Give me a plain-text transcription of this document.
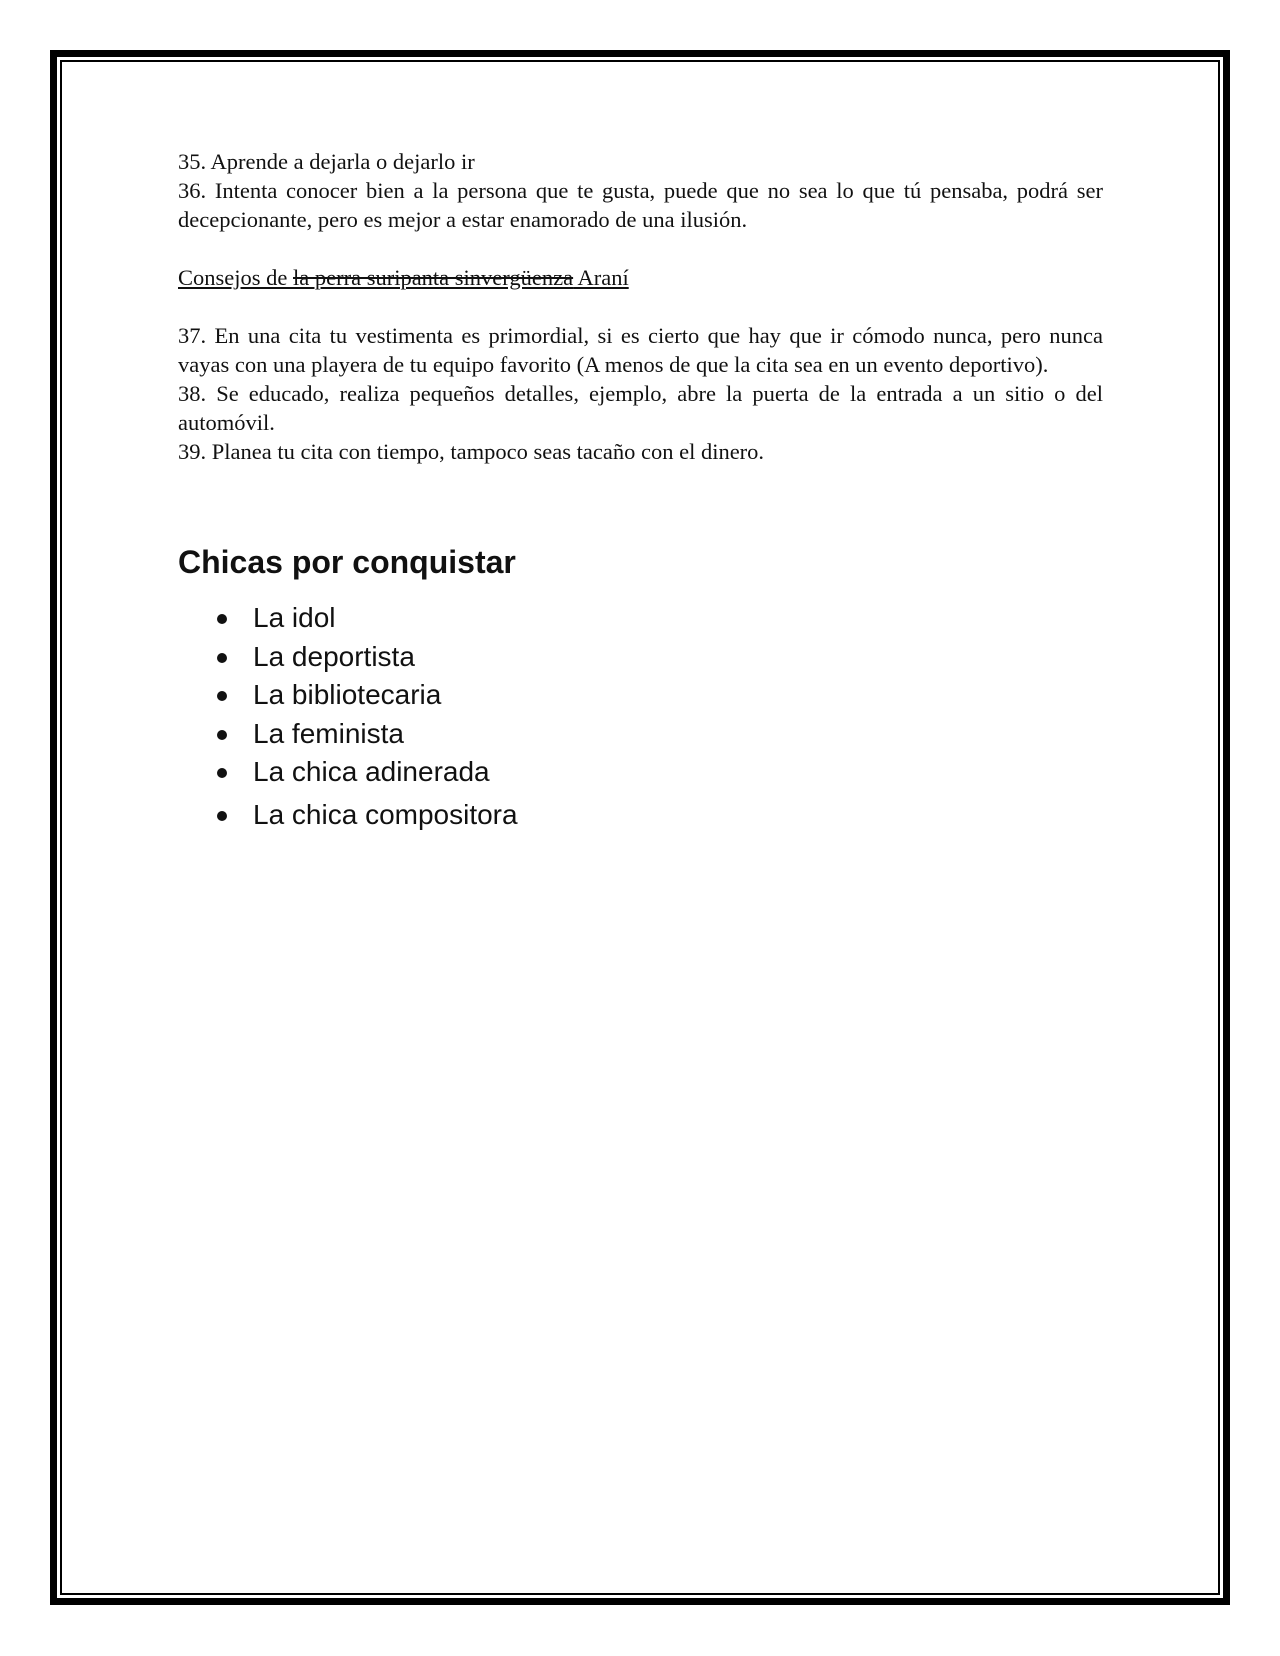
35. Aprende a dejarla o dejarlo ir

36. Intenta conocer bien a la persona que te gusta, puede que no sea lo que tú pensaba, podrá ser decepcionante, pero es mejor a estar enamorado de una ilusión.

Consejos de la perra suripanta sinvergüenza Araní

37. En una cita tu vestimenta es primordial, si es cierto que hay que ir cómodo nunca, pero nunca vayas con una playera de tu equipo favorito (A menos de que la cita sea en un evento deportivo).

38. Se educado, realiza pequeños detalles, ejemplo, abre la puerta de la entrada a un sitio o del automóvil.

39. Planea tu cita con tiempo, tampoco seas tacaño con el dinero.

Chicas por conquistar
La idol
La deportista
La bibliotecaria
La feminista
La chica adinerada
La chica compositora
